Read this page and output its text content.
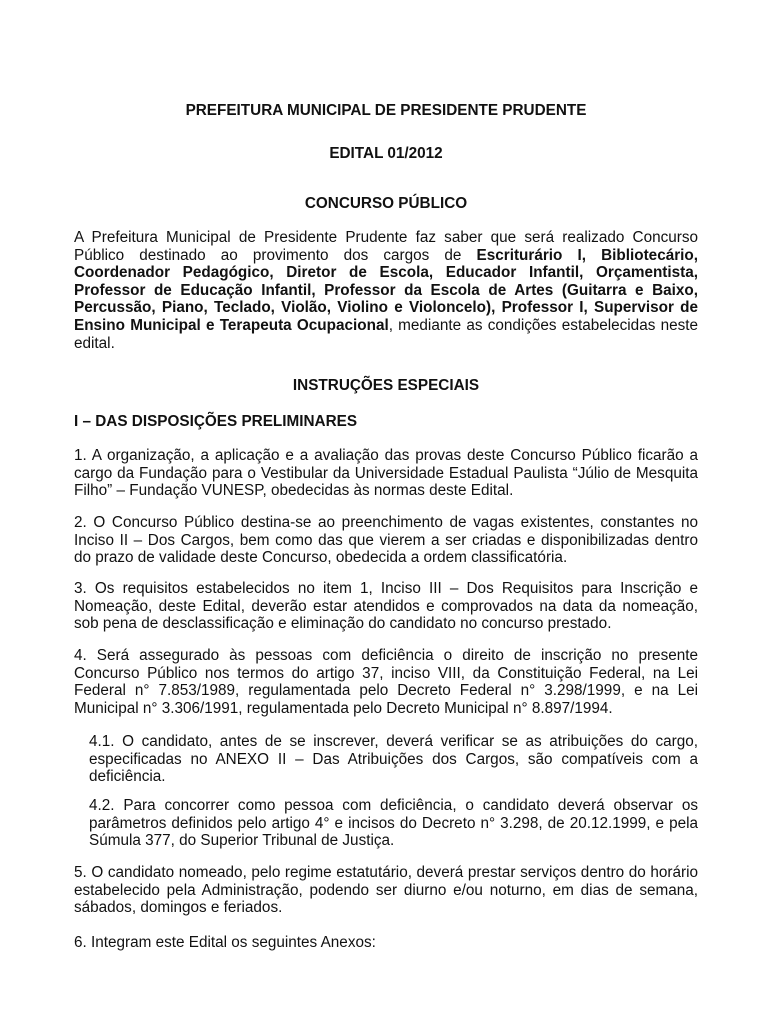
PREFEITURA MUNICIPAL DE PRESIDENTE PRUDENTE

EDITAL 01/2012

CONCURSO PÚBLICO

A Prefeitura Municipal de Presidente Prudente faz saber que será realizado Concurso Público destinado ao provimento dos cargos de Escriturário I, Bibliotecário, Coordenador Pedagógico, Diretor de Escola, Educador Infantil, Orçamentista, Professor de Educação Infantil, Professor da Escola de Artes (Guitarra e Baixo, Percussão, Piano, Teclado, Violão, Violino e Violoncelo), Professor I, Supervisor de Ensino Municipal e Terapeuta Ocupacional, mediante as condições estabelecidas neste edital.

INSTRUÇÕES ESPECIAIS

I – DAS DISPOSIÇÕES PRELIMINARES

1. A organização, a aplicação e a avaliação das provas deste Concurso Público ficarão a cargo da Fundação para o Vestibular da Universidade Estadual Paulista “Júlio de Mesquita Filho” – Fundação VUNESP, obedecidas às normas deste Edital.

2. O Concurso Público destina-se ao preenchimento de vagas existentes, constantes no Inciso II – Dos Cargos, bem como das que vierem a ser criadas e disponibilizadas dentro do prazo de validade deste Concurso, obedecida a ordem classificatória.

3. Os requisitos estabelecidos no item 1, Inciso III – Dos Requisitos para Inscrição e Nomeação, deste Edital, deverão estar atendidos e comprovados na data da nomeação, sob pena de desclassificação e eliminação do candidato no concurso prestado.

4. Será assegurado às pessoas com deficiência o direito de inscrição no presente Concurso Público nos termos do artigo 37, inciso VIII, da Constituição Federal, na Lei Federal n° 7.853/1989, regulamentada pelo Decreto Federal n° 3.298/1999, e na Lei Municipal n° 3.306/1991, regulamentada pelo Decreto Municipal n° 8.897/1994.

4.1. O candidato, antes de se inscrever, deverá verificar se as atribuições do cargo, especificadas no ANEXO II – Das Atribuições dos Cargos, são compatíveis com a deficiência.

4.2. Para concorrer como pessoa com deficiência, o candidato deverá observar os parâmetros definidos pelo artigo 4° e incisos do Decreto n° 3.298, de 20.12.1999, e pela Súmula 377, do Superior Tribunal de Justiça.

5. O candidato nomeado, pelo regime estatutário, deverá prestar serviços dentro do horário estabelecido pela Administração, podendo ser diurno e/ou noturno, em dias de semana, sábados, domingos e feriados.

6. Integram este Edital os seguintes Anexos:
